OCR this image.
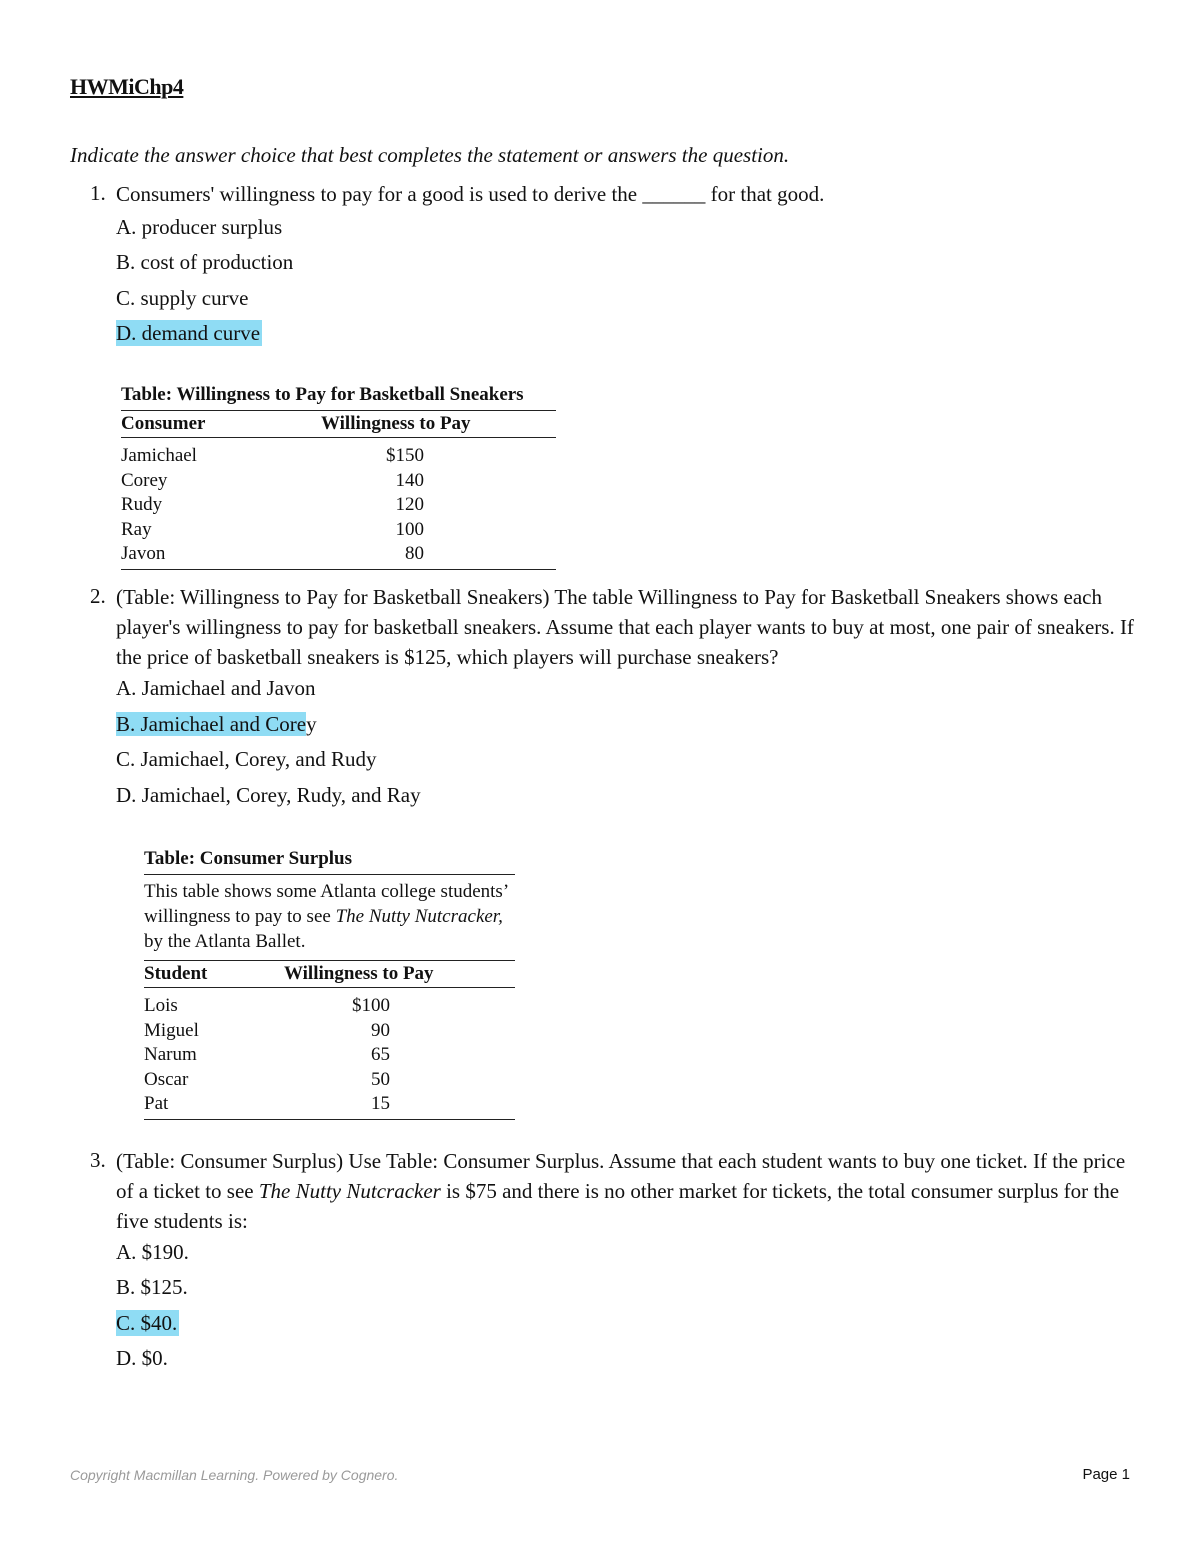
HWMiChp4
Indicate the answer choice that best completes the statement or answers the question.
1. Consumers' willingness to pay for a good is used to derive the ______ for that good.
A. producer surplus
B. cost of production
C. supply curve
D. demand curve
Table: Willingness to Pay for Basketball Sneakers
Consumer	Willingness to Pay
Jamichael	$150
Corey	140
Rudy	120
Ray	100
Javon	80
2. (Table: Willingness to Pay for Basketball Sneakers) The table Willingness to Pay for Basketball Sneakers shows each player's willingness to pay for basketball sneakers. Assume that each player wants to buy at most, one pair of sneakers. If the price of basketball sneakers is $125, which players will purchase sneakers?
A. Jamichael and Javon
B. Jamichael and Corey
C. Jamichael, Corey, and Rudy
D. Jamichael, Corey, Rudy, and Ray
Table: Consumer Surplus
This table shows some Atlanta college students’ willingness to pay to see The Nutty Nutcracker, by the Atlanta Ballet.
Student	Willingness to Pay
Lois	$100
Miguel	90
Narum	65
Oscar	50
Pat	15
3. (Table: Consumer Surplus) Use Table: Consumer Surplus. Assume that each student wants to buy one ticket. If the price of a ticket to see The Nutty Nutcracker is $75 and there is no other market for tickets, the total consumer surplus for the five students is:
A. $190.
B. $125.
C. $40.
D. $0.
Copyright Macmillan Learning. Powered by Cognero.	Page 1
